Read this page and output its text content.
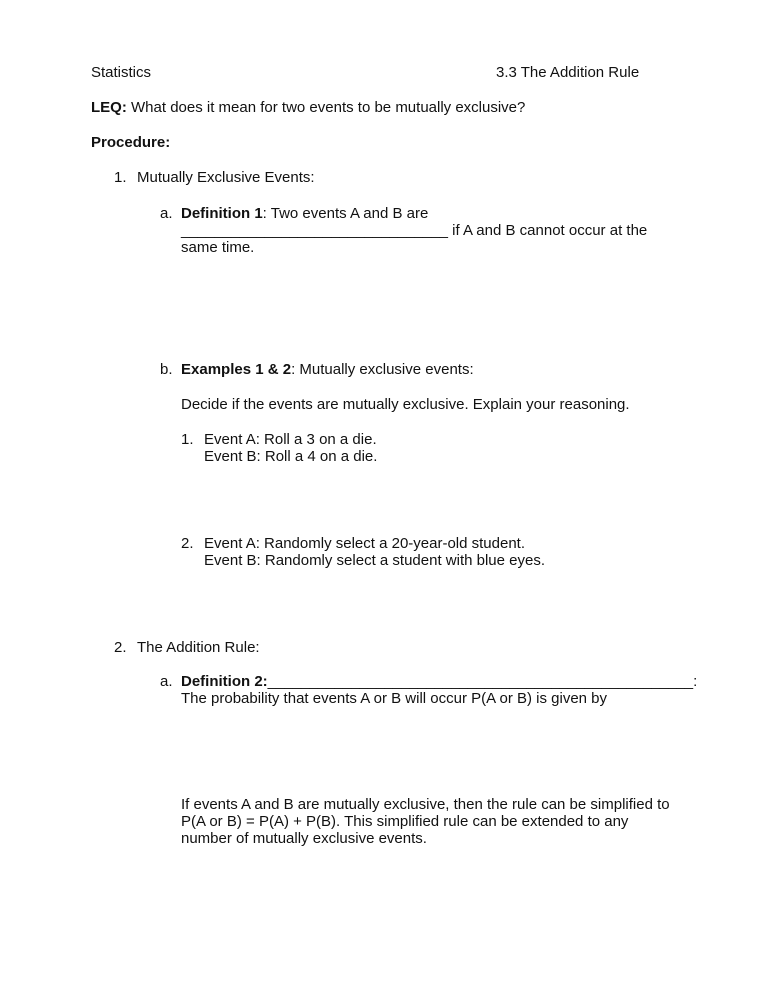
Statistics	3.3 The Addition Rule
LEQ: What does it mean for two events to be mutually exclusive?
Procedure:
1. Mutually Exclusive Events:
a. Definition 1: Two events A and B are
________________________________ if A and B cannot occur at the
same time.
b. Examples 1 & 2: Mutually exclusive events:
Decide if the events are mutually exclusive. Explain your reasoning.
1. Event A: Roll a 3 on a die.
Event B: Roll a 4 on a die.
2. Event A: Randomly select a 20-year-old student.
Event B: Randomly select a student with blue eyes.
2. The Addition Rule:
a. Definition 2:___________________________________________________:
The probability that events A or B will occur P(A or B) is given by
If events A and B are mutually exclusive, then the rule can be simplified to
P(A or B) = P(A) + P(B). This simplified rule can be extended to any
number of mutually exclusive events.
